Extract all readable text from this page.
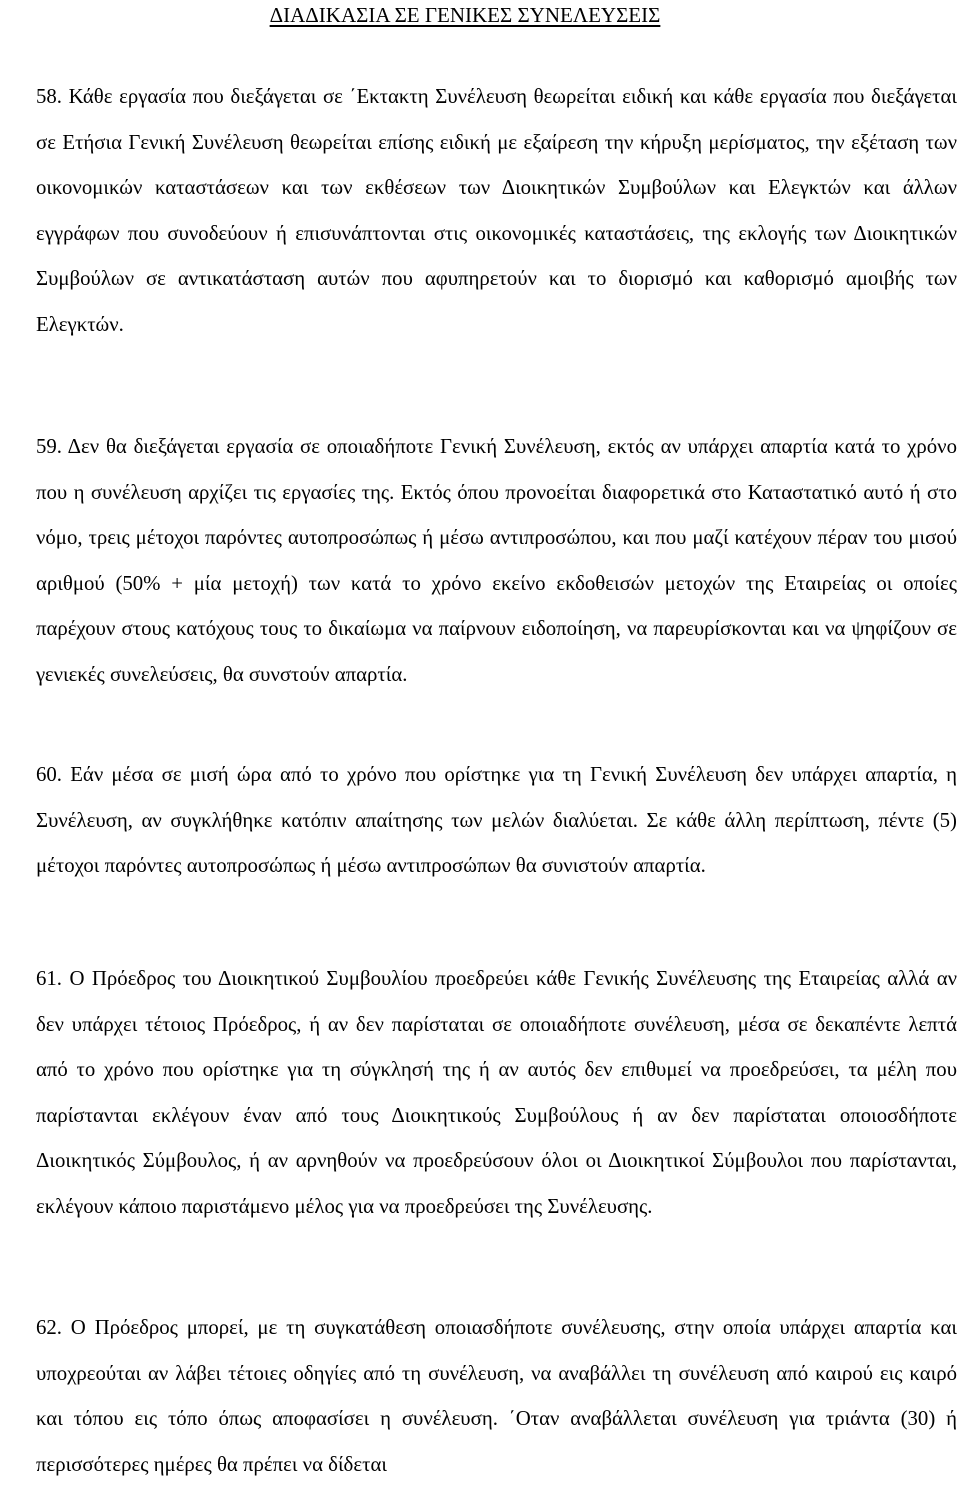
ΔΙΑΔΙΚΑΣΙΑ ΣΕ ΓΕΝΙΚΕΣ ΣΥΝΕΛΕΥΣΕΙΣ

58. Κάθε εργασία που διεξάγεται σε ΄Εκτακτη Συνέλευση θεωρείται ειδική και κάθε εργασία που διεξάγεται σε Ετήσια Γενική Συνέλευση θεωρείται επίσης ειδική με εξαίρεση την κήρυξη μερίσματος, την εξέταση των οικονομικών καταστάσεων και των εκθέσεων των Διοικητικών Συμβούλων και Ελεγκτών και άλλων εγγράφων που συνοδεύουν ή επισυνάπτονται στις οικονομικές καταστάσεις, της εκλογής των Διοικητικών Συμβούλων σε αντικατάσταση αυτών που αφυπηρετούν και το διορισμό και καθορισμό αμοιβής των Ελεγκτών.

59. Δεν θα διεξάγεται εργασία σε οποιαδήποτε Γενική Συνέλευση, εκτός αν υπάρχει απαρτία κατά το χρόνο που η συνέλευση αρχίζει τις εργασίες της. Εκτός όπου προνοείται διαφορετικά στο Καταστατικό αυτό ή στο νόμο, τρεις μέτοχοι παρόντες αυτοπροσώπως ή μέσω αντιπροσώπου, και που μαζί κατέχουν πέραν του μισού αριθμού (50% + μία μετοχή) των κατά το χρόνο εκείνο εκδοθεισών μετοχών της Εταιρείας οι οποίες παρέχουν στους κατόχους τους το δικαίωμα να παίρνουν ειδοποίηση, να παρευρίσκονται και να ψηφίζουν σε γενιεκές συνελεύσεις, θα συνστούν απαρτία.

60. Εάν μέσα σε μισή ώρα από το χρόνο που ορίστηκε για τη Γενική Συνέλευση δεν υπάρχει απαρτία, η Συνέλευση, αν συγκλήθηκε κατόπιν απαίτησης των μελών διαλύεται. Σε κάθε άλλη περίπτωση, πέντε (5) μέτοχοι παρόντες αυτοπροσώπως ή μέσω αντιπροσώπων θα συνιστούν απαρτία.

61. Ο Πρόεδρος του Διοικητικού Συμβουλίου προεδρεύει κάθε Γενικής Συνέλευσης της Εταιρείας αλλά αν δεν υπάρχει τέτοιος Πρόεδρος, ή αν δεν παρίσταται σε οποιαδήποτε συνέλευση, μέσα σε δεκαπέντε λεπτά από το χρόνο που ορίστηκε για τη σύγκλησή της ή αν αυτός δεν επιθυμεί να προεδρεύσει, τα μέλη που παρίστανται εκλέγουν έναν από τους Διοικητικούς Συμβούλους ή αν δεν παρίσταται οποιοσδήποτε Διοικητικός Σύμβουλος, ή αν αρνηθούν να προεδρεύσουν όλοι οι Διοικητικοί Σύμβουλοι που παρίστανται, εκλέγουν κάποιο παριστάμενο μέλος για να προεδρεύσει της Συνέλευσης.

62. Ο Πρόεδρος μπορεί, με τη συγκατάθεση οποιασδήποτε συνέλευσης, στην οποία υπάρχει απαρτία και υποχρεούται αν λάβει τέτοιες οδηγίες από τη συνέλευση, να αναβάλλει τη συνέλευση από καιρού εις καιρό και τόπου εις τόπο όπως αποφασίσει η συνέλευση. ΄Οταν αναβάλλεται συνέλευση για τριάντα (30) ή περισσότερες ημέρες θα πρέπει να δίδεται
